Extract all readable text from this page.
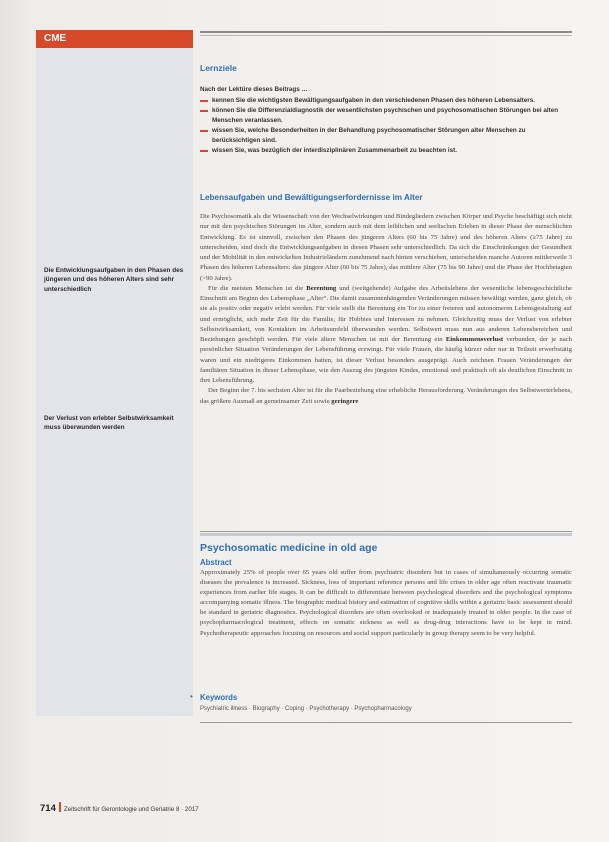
CME
Die Entwicklungsaufgaben in den Phasen des jüngeren und des höheren Alters sind sehr unterschiedlich
Der Verlust von erlebter Selbstwirksamkeit muss überwunden werden
Lernziele
Nach der Lektüre dieses Beitrags …
kennen Sie die wichtigsten Bewältigungsaufgaben in den verschiedenen Phasen des höheren Lebensalters.
können Sie die Differenzialdiagnostik der wesentlichsten psychischen und psychosomatischen Störungen bei alten Menschen veranlassen.
wissen Sie, welche Besonderheiten in der Behandlung psychosomatischer Störungen alter Menschen zu berücksichtigen sind.
wissen Sie, was bezüglich der interdisziplinären Zusammenarbeit zu beachten ist.
Lebensaufgaben und Bewältigungserfordernisse im Alter

Die Psychosomatik als die Wissenschaft von der Wechselwirkungen und Bindegliedern zwischen Körper und Psyche beschäftigt sich nicht nur mit den psychischen Störungen im Alter, sondern auch mit dem leiblichen und seelischen Erleben in dieser Phase der menschlichen Entwicklung. Es ist sinnvoll, zwischen den Phasen des jüngeren Alters (60 bis 75 Jahre) und des höheren Alters (≥75 Jahre) zu unterscheiden, sind doch die Entwicklungsaufgaben in diesen Phasen sehr unterschiedlich. Da sich die Einschränkungen der Gesundheit und der Mobilität in den entwickelten Industrieländern zunehmend nach hinten verschieben, unterscheiden manche Autoren mittlerweile 3 Phasen des höheren Lebensalters: das jüngere Alter (60 bis 75 Jahre), das mittlere Alter (75 bis 90 Jahre) und die Phase der Hochbetagten (>90 Jahre).

Für die meisten Menschen ist die Berentung und (weitgehende) Aufgabe des Arbeitslebens der wesentliche lebensgeschichtliche Einschnitt am Beginn des Lebensphase „Alter“. Die damit zusammenhängenden Veränderungen müssen bewältigt werden, ganz gleich, ob sie als positiv oder negativ erlebt werden. Für viele stellt die Berentung ein Tor zu einer freieren und autonomeren Lebensgestaltung auf und ermöglicht, sich mehr Zeit für die Familie, für Hobbies und Interessen zu nehmen. Gleichzeitig muss der Verlust von erlebter Selbstwirksamkeit, von Kontakten im Arbeitsumfeld überwunden werden. Selbstwert muss nun aus anderen Lebensbereichen und Beziehungen geschöpft werden. Für viele ältere Menschen ist mit der Berentung ein Einkommensverlust verbunden, der je nach persönlicher Situation Veränderungen der Lebensführung erzwingt. Für viele Frauen, die häufig kürzer oder nur in Teilzeit erwerbstätig waren und ein niedrigeres Einkommen hatten, ist dieser Verlust besonders ausgeprägt. Auch zeichnen Frauen Veränderungen der familiären Situation in dieser Lebensphase, wie den Auszug des jüngsten Kindes, emotional und praktisch oft als deutlichen Einschnitt in ihre Lebensführung.

Der Beginn der 7. bis sechsten Alter ist für die Paarbeziehung eine erhebliche Herausforderung. Veränderungen des Selbstwerterlebens, das größere Ausmaß an gemeinsamer Zeit sowie geringere

Psychosomatic medicine in old age
Abstract
Approximately 25% of people over 65 years old suffer from psychiatric disorders but in cases of simultaneously occurring somatic diseases the prevalence is increased. Sickness, loss of important reference persons and life crises in older age often reactivate traumatic experiences from earlier life stages. It can be difficult to differentiate between psychological disorders and the psychological symptoms accompanying somatic illness. The biographic medical history and estimation of cognitive skills within a geriatric basic assessment should be standard in geriatric diagnostics. Psychological disorders are often overlooked or inadequately treated in older people. In the case of psychopharmacological treatment, effects on somatic sickness as well as drug-drug interactions have to be kept in mind. Psychotherapeutic approaches focusing on resources and social support particularly in group therapy seem to be very helpful.
Keywords
Psychiatric illness · Biography · Coping · Psychotherapy · Psychopharmacology
•
714 Zeitschrift für Gerontologie und Geriatrie 8 · 2017
